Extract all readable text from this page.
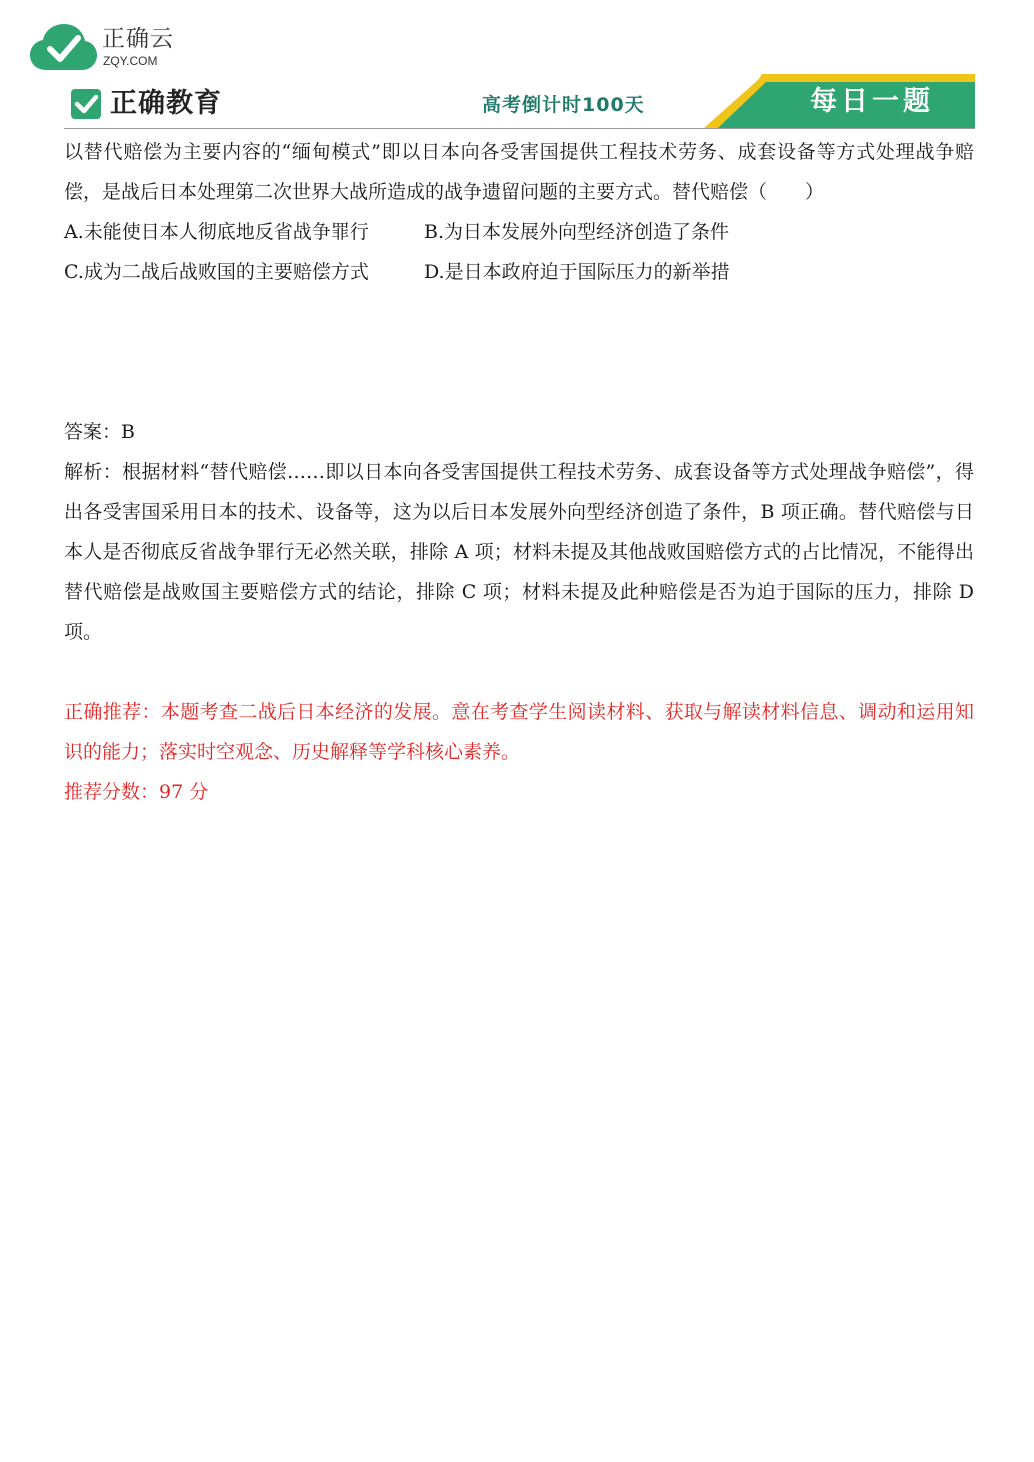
正确云
ZQY.COM
正确教育	高考倒计时100天	每日一题

以替代赔偿为主要内容的“缅甸模式”即以日本向各受害国提供工程技术劳务、成套设备等方式处理战争赔偿，是战后日本处理第二次世界大战所造成的战争遗留问题的主要方式。替代赔偿（　　）

A.未能使日本人彻底地反省战争罪行	B.为日本发展外向型经济创造了条件
C.成为二战后战败国的主要赔偿方式	D.是日本政府迫于国际压力的新举措

答案：B

解析：根据材料“替代赔偿……即以日本向各受害国提供工程技术劳务、成套设备等方式处理战争赔偿”，得出各受害国采用日本的技术、设备等，这为以后日本发展外向型经济创造了条件，B 项正确。替代赔偿与日本人是否彻底反省战争罪行无必然关联，排除 A 项；材料未提及其他战败国赔偿方式的占比情况，不能得出替代赔偿是战败国主要赔偿方式的结论，排除 C 项；材料未提及此种赔偿是否为迫于国际的压力，排除 D 项。

正确推荐：本题考查二战后日本经济的发展。意在考查学生阅读材料、获取与解读材料信息、调动和运用知识的能力；落实时空观念、历史解释等学科核心素养。

推荐分数：97 分
